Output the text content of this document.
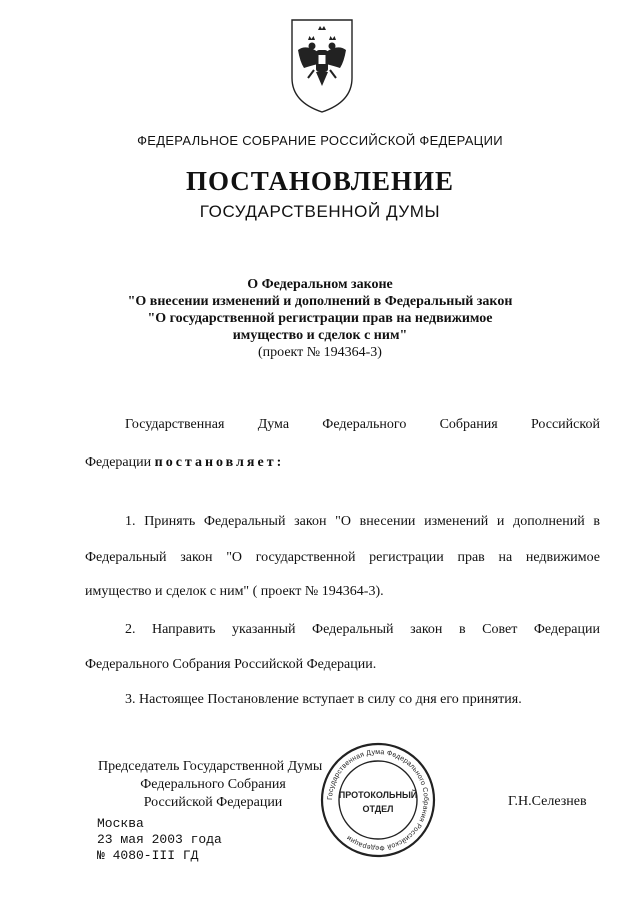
ФЕДЕРАЛЬНОЕ СОБРАНИЕ РОССИЙСКОЙ ФЕДЕРАЦИИ
ПОСТАНОВЛЕНИЕ
ГОСУДАРСТВЕННОЙ ДУМЫ
О Федеральном законе
"О внесении изменений и дополнений в Федеральный закон
"О государственной регистрации прав на недвижимое
имущество и сделок с ним"
(проект № 194364-3)
Государственная Дума Федерального Собрания Российской
Федерации постановляет:
1. Принять Федеральный закон "О внесении изменений и дополнений в
Федеральный закон "О государственной регистрации прав на недвижимое
имущество и сделок с ним" ( проект № 194364-3).
2. Направить указанный Федеральный закон в Совет Федерации
Федерального Собрания Российской Федерации.
3. Настоящее Постановление вступает в силу со дня его принятия.
Председатель Государственной Думы
Федерального Собрания
Российской Федерации	Государственная Дума Федерального Собрания Российской Федерации
ПРОТОКОЛЬНЫЙ
ОТДЕЛ	Г.Н.Селезнев
Москва
23 мая 2003 года
№ 4080-III ГД
